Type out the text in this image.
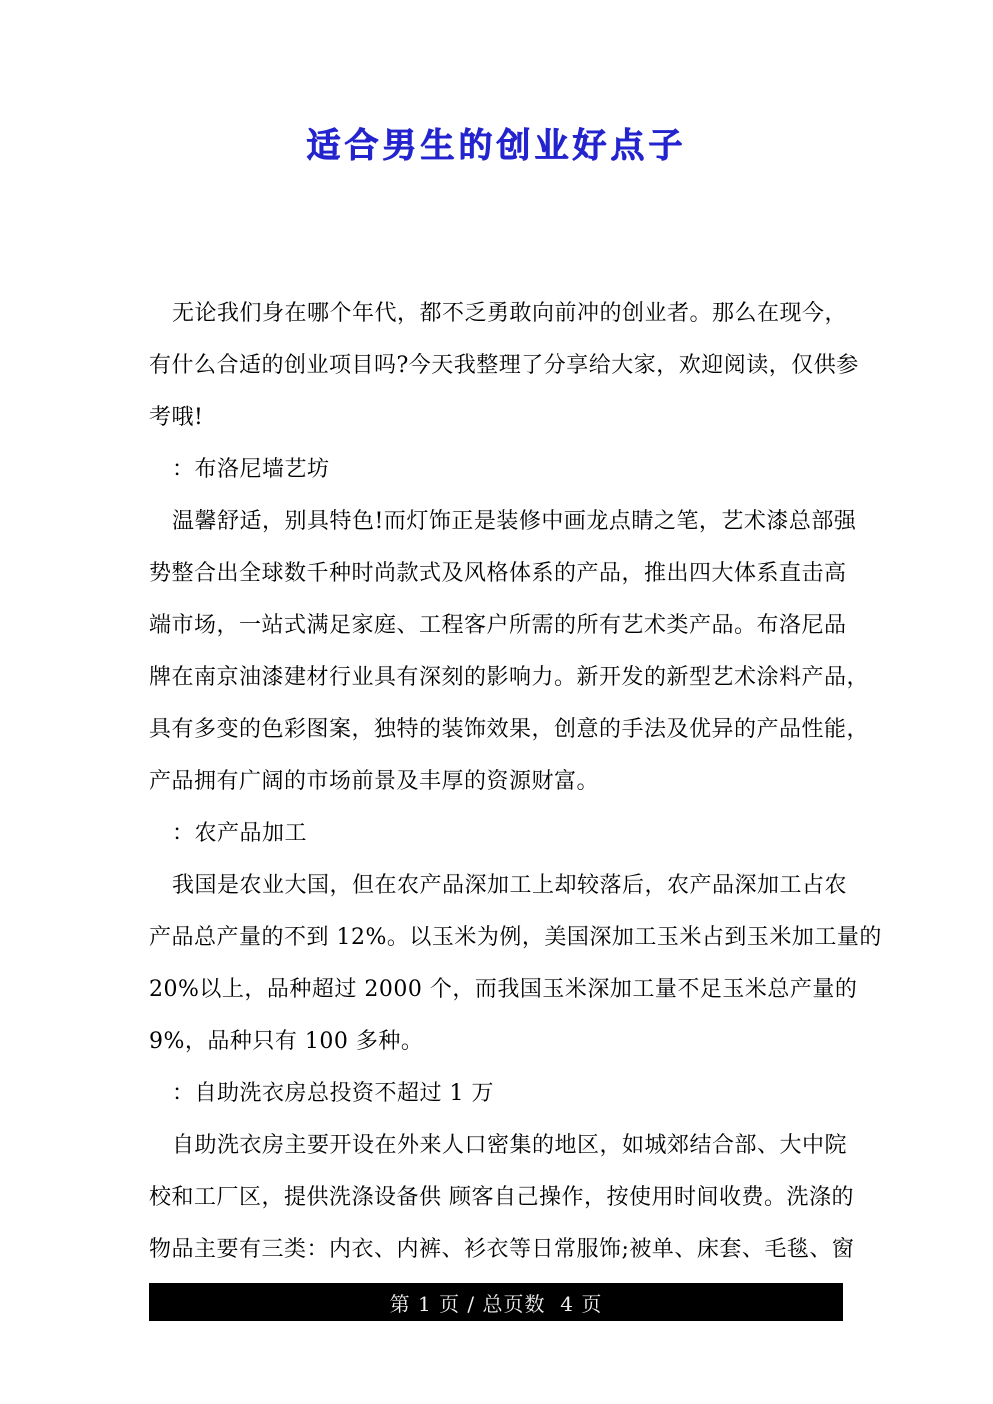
适合男生的创业好点子
无论我们身在哪个年代，都不乏勇敢向前冲的创业者。那么在现今，
有什么合适的创业项目吗?今天我整理了分享给大家，欢迎阅读，仅供参
考哦!
：布洛尼墙艺坊
温馨舒适，别具特色!而灯饰正是装修中画龙点睛之笔，艺术漆总部强
势整合出全球数千种时尚款式及风格体系的产品，推出四大体系直击高
端市场，一站式满足家庭、工程客户所需的所有艺术类产品。布洛尼品
牌在南京油漆建材行业具有深刻的影响力。新开发的新型艺术涂料产品，
具有多变的色彩图案，独特的装饰效果，创意的手法及优异的产品性能，
产品拥有广阔的市场前景及丰厚的资源财富。
：农产品加工
我国是农业大国，但在农产品深加工上却较落后，农产品深加工占农
产品总产量的不到 12%。以玉米为例，美国深加工玉米占到玉米加工量的
20%以上，品种超过 2000 个，而我国玉米深加工量不足玉米总产量的
9%，品种只有 100 多种。
：自助洗衣房总投资不超过 1 万
自助洗衣房主要开设在外来人口密集的地区，如城郊结合部、大中院
校和工厂区，提供洗涤设备供 顾客自己操作，按使用时间收费。洗涤的
物品主要有三类：内衣、内裤、衫衣等日常服饰;被单、床套、毛毯、窗
第 1 页 / 总页数  4 页
